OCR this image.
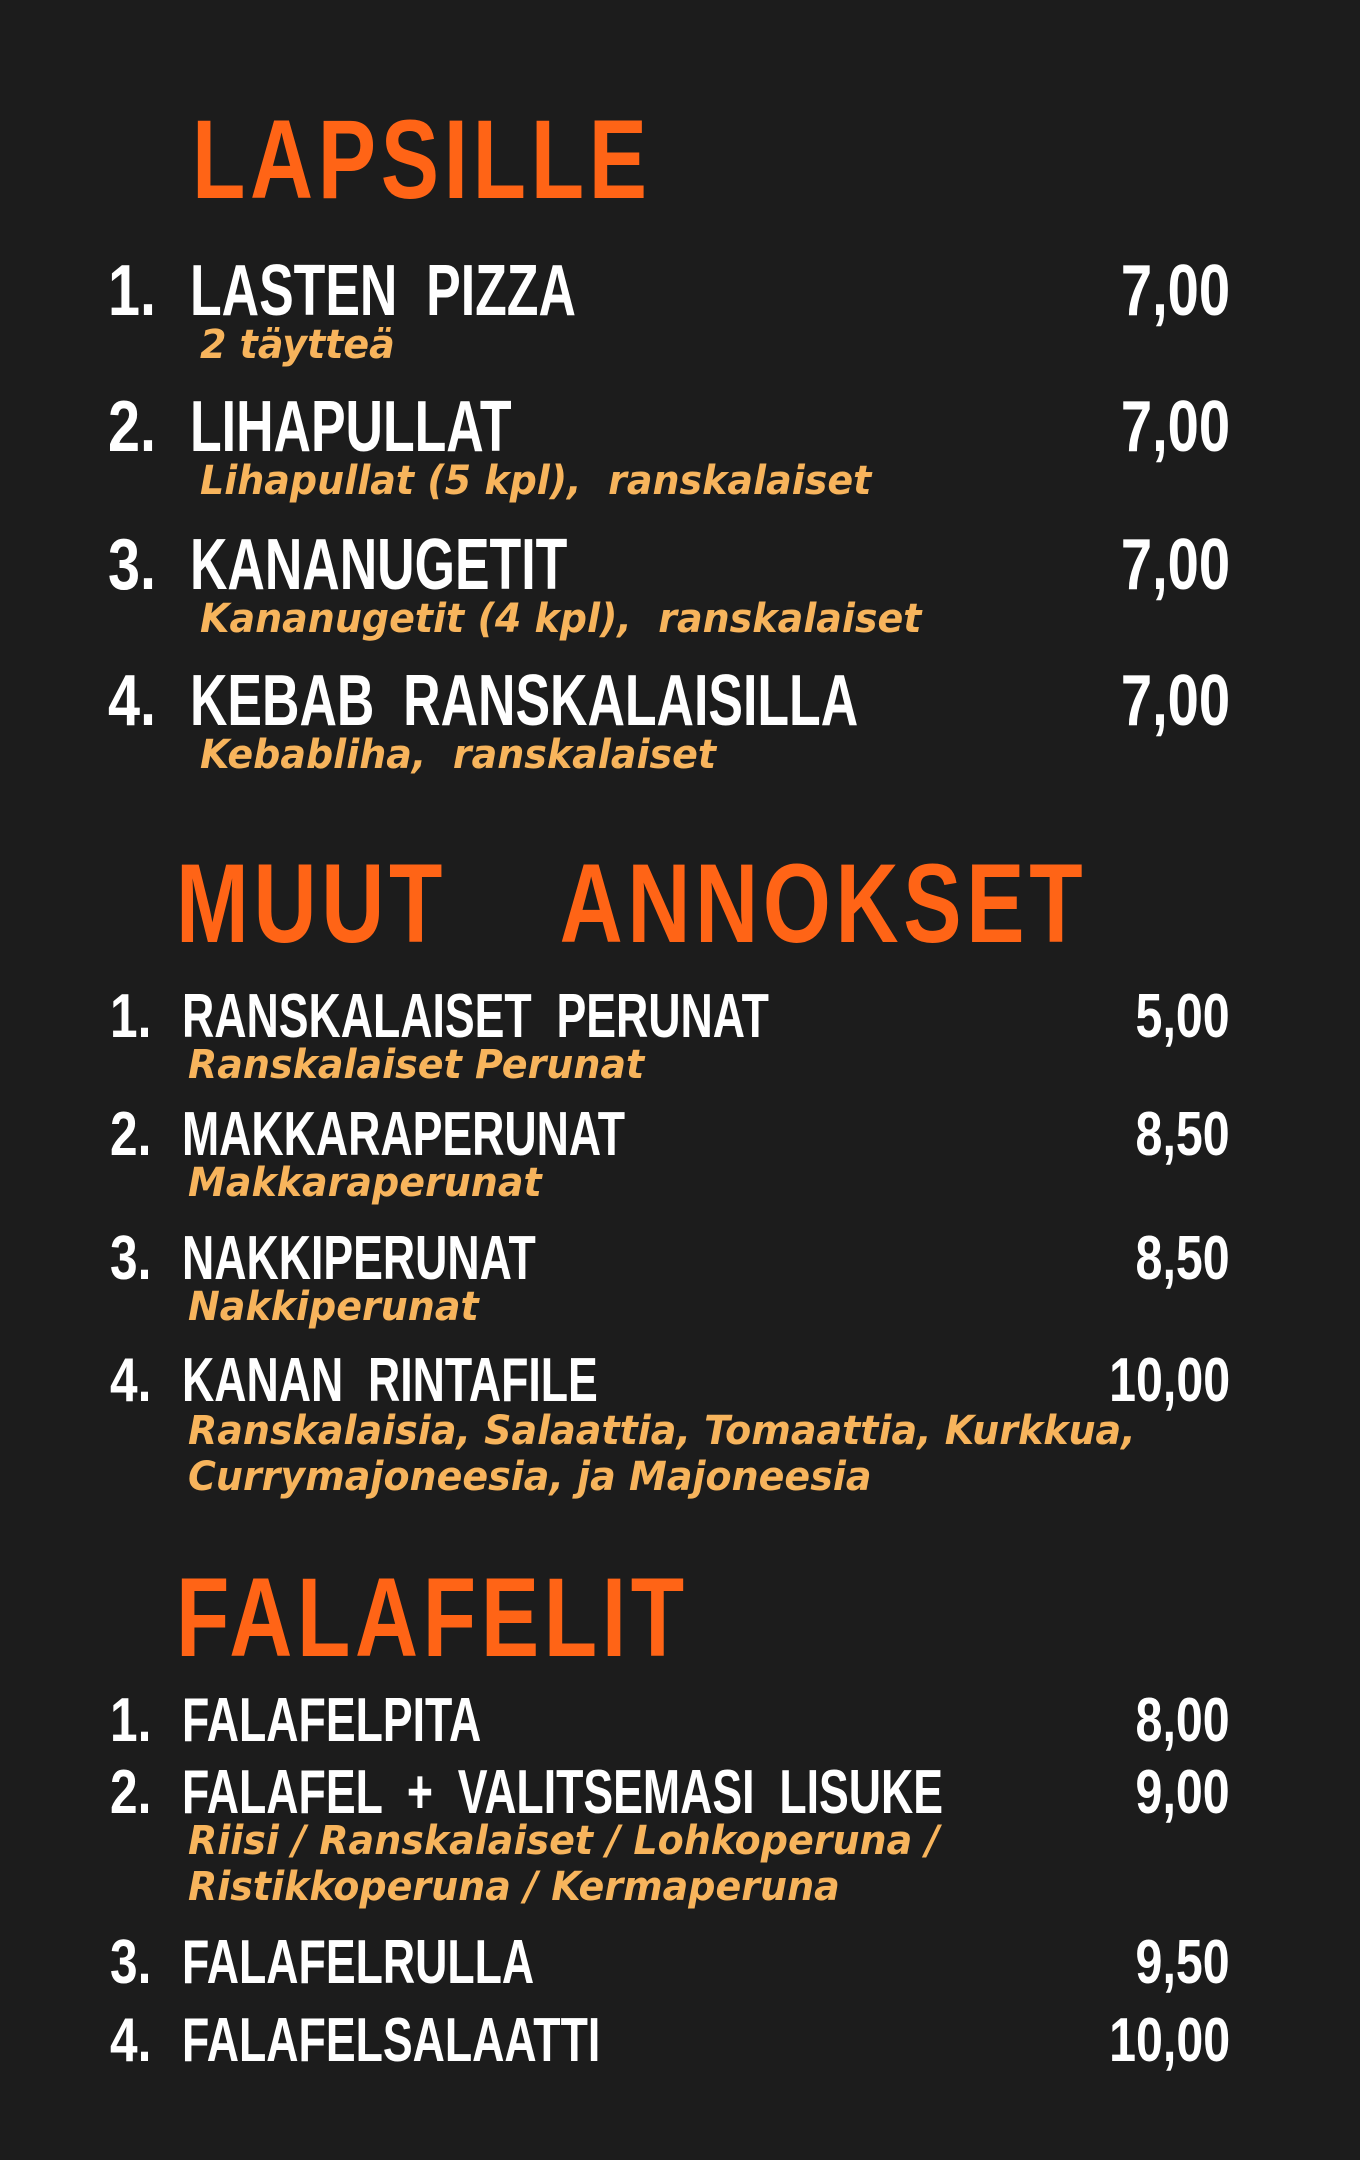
LAPSILLE
1. LASTEN  PIZZA	7,00
2 täytteä
2. LIHAPULLAT	7,00
Lihapullat (5 kpl),  ranskalaiset
3. KANANUGETIT	7,00
Kananugetit (4 kpl),  ranskalaiset
4. KEBAB  RANSKALAISILLA	7,00
Kebabliha,  ranskalaiset
MUUT    ANNOKSET
1. RANSKALAISET  PERUNAT	5,00
Ranskalaiset Perunat
2. MAKKARAPERUNAT	8,50
Makkaraperunat
3. NAKKIPERUNAT	8,50
Nakkiperunat
4. KANAN  RINTAFILE	10,00
Ranskalaisia, Salaattia, Tomaattia, Kurkkua,
Currymajoneesia, ja Majoneesia
FALAFELIT
1. FALAFELPITA	8,00
2. FALAFEL  +  VALITSEMASI  LISUKE	9,00
Riisi / Ranskalaiset / Lohkoperuna /
Ristikkoperuna / Kermaperuna
3. FALAFELRULLA	9,50
4. FALAFELSALAATTI	10,00
